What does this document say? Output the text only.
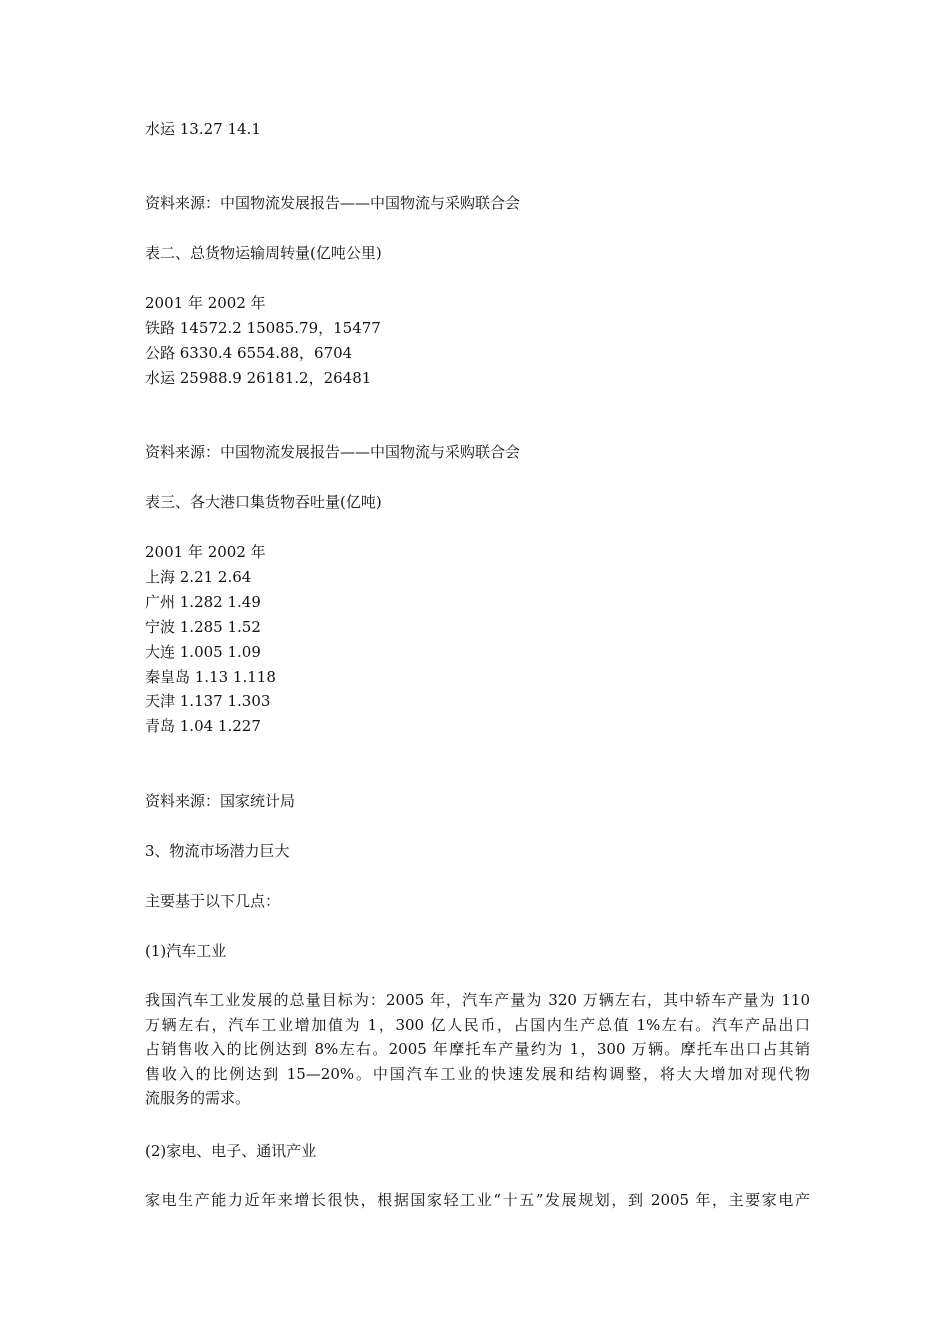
水运 13.27 14.1
资料来源：中国物流发展报告——中国物流与采购联合会
表二、总货物运输周转量(亿吨公里)
2001 年 2002 年
铁路 14572.2 15085.79，15477
公路 6330.4 6554.88，6704
水运 25988.9 26181.2，26481
资料来源：中国物流发展报告——中国物流与采购联合会
表三、各大港口集货物吞吐量(亿吨)
2001 年 2002 年
上海 2.21 2.64
广州 1.282 1.49
宁波 1.285 1.52
大连 1.005 1.09
秦皇岛 1.13 1.118
天津 1.137 1.303
青岛 1.04 1.227
资料来源：国家统计局
3、物流市场潜力巨大
主要基于以下几点：
(1)汽车工业
我国汽车工业发展的总量目标为：2005 年，汽车产量为 320 万辆左右，其中轿车产量为 110
万辆左右，汽车工业增加值为 1，300 亿人民币，占国内生产总值 1%左右。汽车产品出口
占销售收入的比例达到 8%左右。2005 年摩托车产量约为 1，300 万辆。摩托车出口占其销
售收入的比例达到 15—20%。中国汽车工业的快速发展和结构调整，将大大增加对现代物
流服务的需求。
(2)家电、电子、通讯产业
家电生产能力近年来增长很快，根据国家轻工业“十五”发展规划，到 2005 年，主要家电产
